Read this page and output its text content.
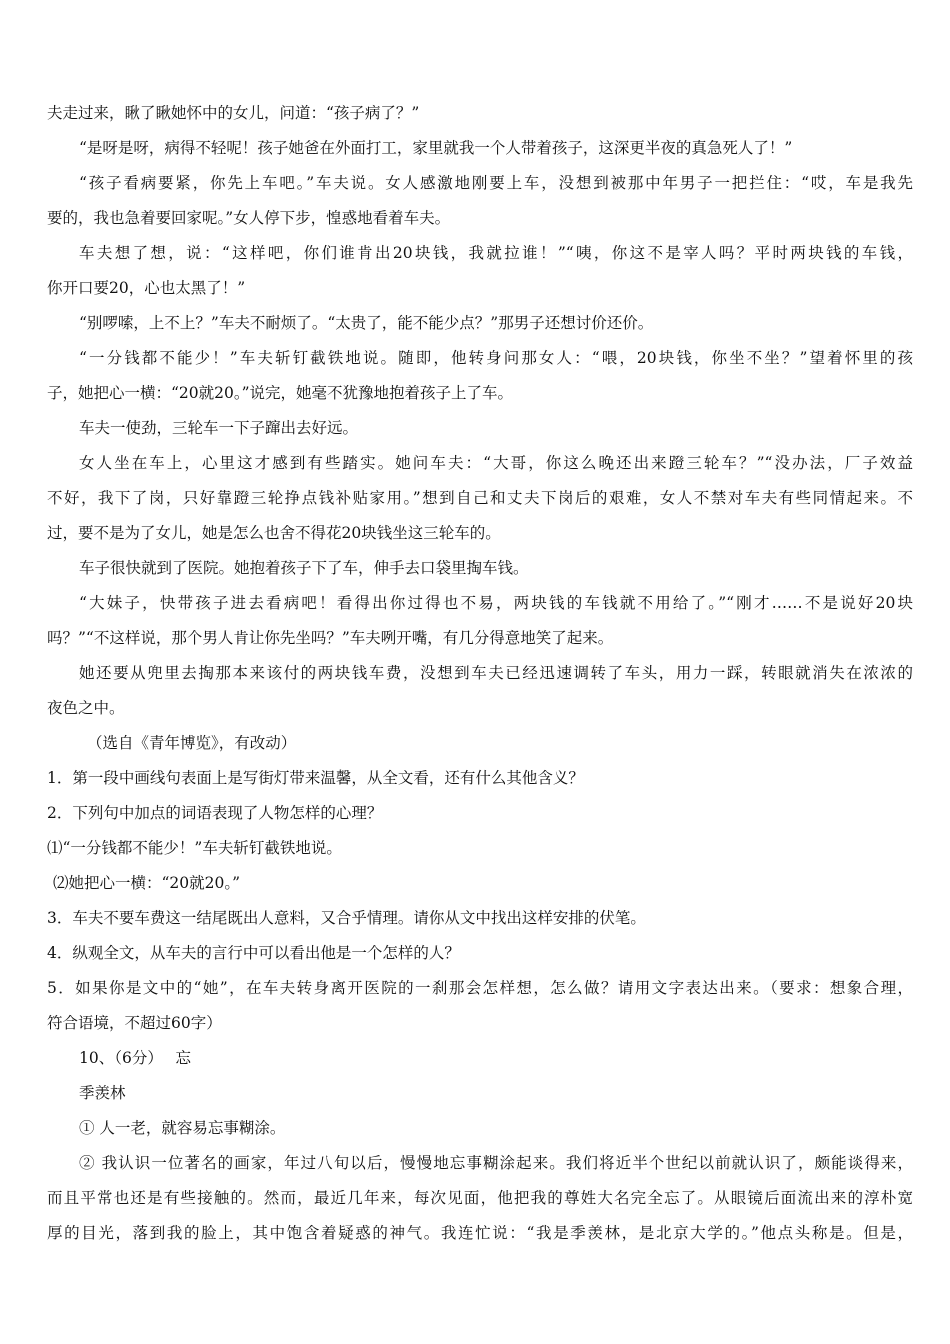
夫走过来，瞅了瞅她怀中的女儿，问道：“孩子病了？”
“是呀是呀，病得不轻呢！孩子她爸在外面打工，家里就我一个人带着孩子，这深更半夜的真急死人了！”
“孩子看病要紧，你先上车吧。”车夫说。女人感激地刚要上车，没想到被那中年男子一把拦住：“哎，车是我先
要的，我也急着要回家呢。”女人停下步，惶惑地看着车夫。
车夫想了想，说：“这样吧，你们谁肯出20块钱，我就拉谁！”“咦，你这不是宰人吗？平时两块钱的车钱，
你开口要20，心也太黑了！”
“别啰嗦，上不上？”车夫不耐烦了。“太贵了，能不能少点？”那男子还想讨价还价。
“一分钱都不能少！”车夫斩钉截铁地说。随即，他转身问那女人：“喂，20块钱，你坐不坐？”望着怀里的孩
子，她把心一横：“20就20。”说完，她毫不犹豫地抱着孩子上了车。
车夫一使劲，三轮车一下子蹿出去好远。
女人坐在车上，心里这才感到有些踏实。她问车夫：“大哥，你这么晚还出来蹬三轮车？”“没办法，厂子效益
不好，我下了岗，只好靠蹬三轮挣点钱补贴家用。”想到自己和丈夫下岗后的艰难，女人不禁对车夫有些同情起来。不
过，要不是为了女儿，她是怎么也舍不得花20块钱坐这三轮车的。
车子很快就到了医院。她抱着孩子下了车，伸手去口袋里掏车钱。
“大妹子，快带孩子进去看病吧！看得出你过得也不易，两块钱的车钱就不用给了。”“刚才……不是说好20块
吗？”“不这样说，那个男人肯让你先坐吗？”车夫咧开嘴，有几分得意地笑了起来。
她还要从兜里去掏那本来该付的两块钱车费，没想到车夫已经迅速调转了车头，用力一踩，转眼就消失在浓浓的
夜色之中。
（选自《青年博览》，有改动）
1．第一段中画线句表面上是写街灯带来温馨，从全文看，还有什么其他含义？
2．下列句中加点的词语表现了人物怎样的心理？
⑴“一分钱都不能少！”车夫斩钉截铁地说。
⑵她把心一横：“20就20。”
3．车夫不要车费这一结尾既出人意料，又合乎情理。请你从文中找出这样安排的伏笔。
4．纵观全文，从车夫的言行中可以看出他是一个怎样的人？
5．如果你是文中的“她”，在车夫转身离开医院的一刹那会怎样想，怎么做？请用文字表达出来。（要求：想象合理，
符合语境，不超过60字）
10、（6分）　 忘
季羡林
① 人一老，就容易忘事糊涂。
② 我认识一位著名的画家，年过八旬以后，慢慢地忘事糊涂起来。我们将近半个世纪以前就认识了，颇能谈得来，
而且平常也还是有些接触的。然而，最近几年来，每次见面，他把我的尊姓大名完全忘了。从眼镜后面流出来的淳朴宽
厚的目光，落到我的脸上，其中饱含着疑惑的神气。我连忙说：“我是季羡林，是北京大学的。”他点头称是。但是，
